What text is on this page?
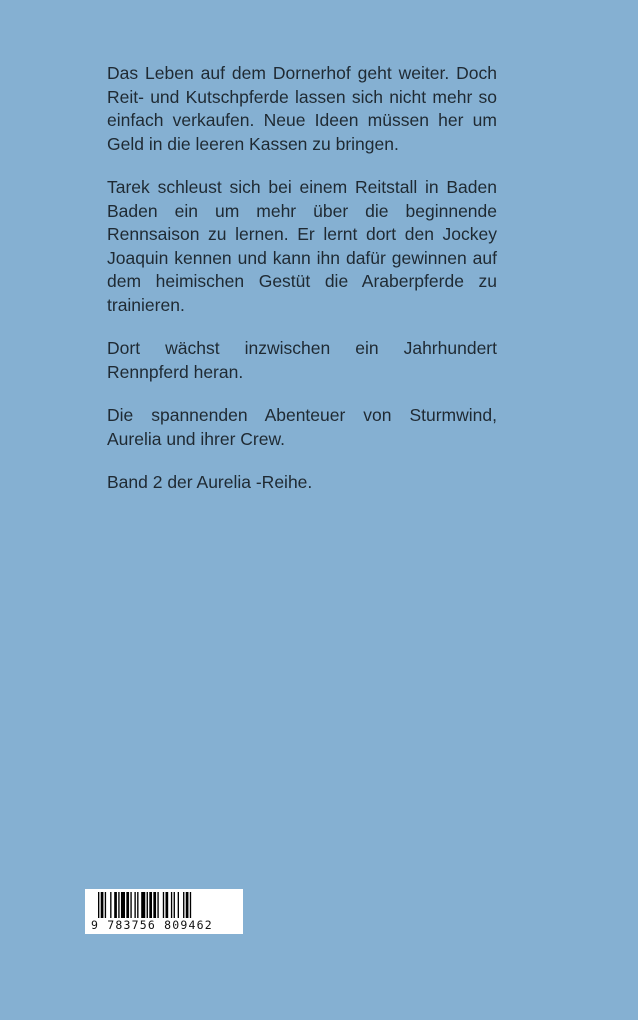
Das Leben auf dem Dornerhof geht weiter. Doch Reit- und Kutschpferde lassen sich nicht mehr so einfach verkaufen. Neue Ideen müssen her um Geld in die leeren Kassen zu bringen.

Tarek schleust sich bei einem Reitstall in Baden Baden ein um mehr über die beginnende Rennsaison zu lernen. Er lernt dort den Jockey Joaquin kennen und kann ihn dafür gewinnen auf dem heimischen Gestüt die Araberpferde zu trainieren.

Dort wächst inzwischen ein Jahrhundert Rennpferd heran.

Die spannenden Abenteuer von Sturmwind, Aurelia und ihrer Crew.

Band 2 der Aurelia -Reihe.

9 783756 809462
